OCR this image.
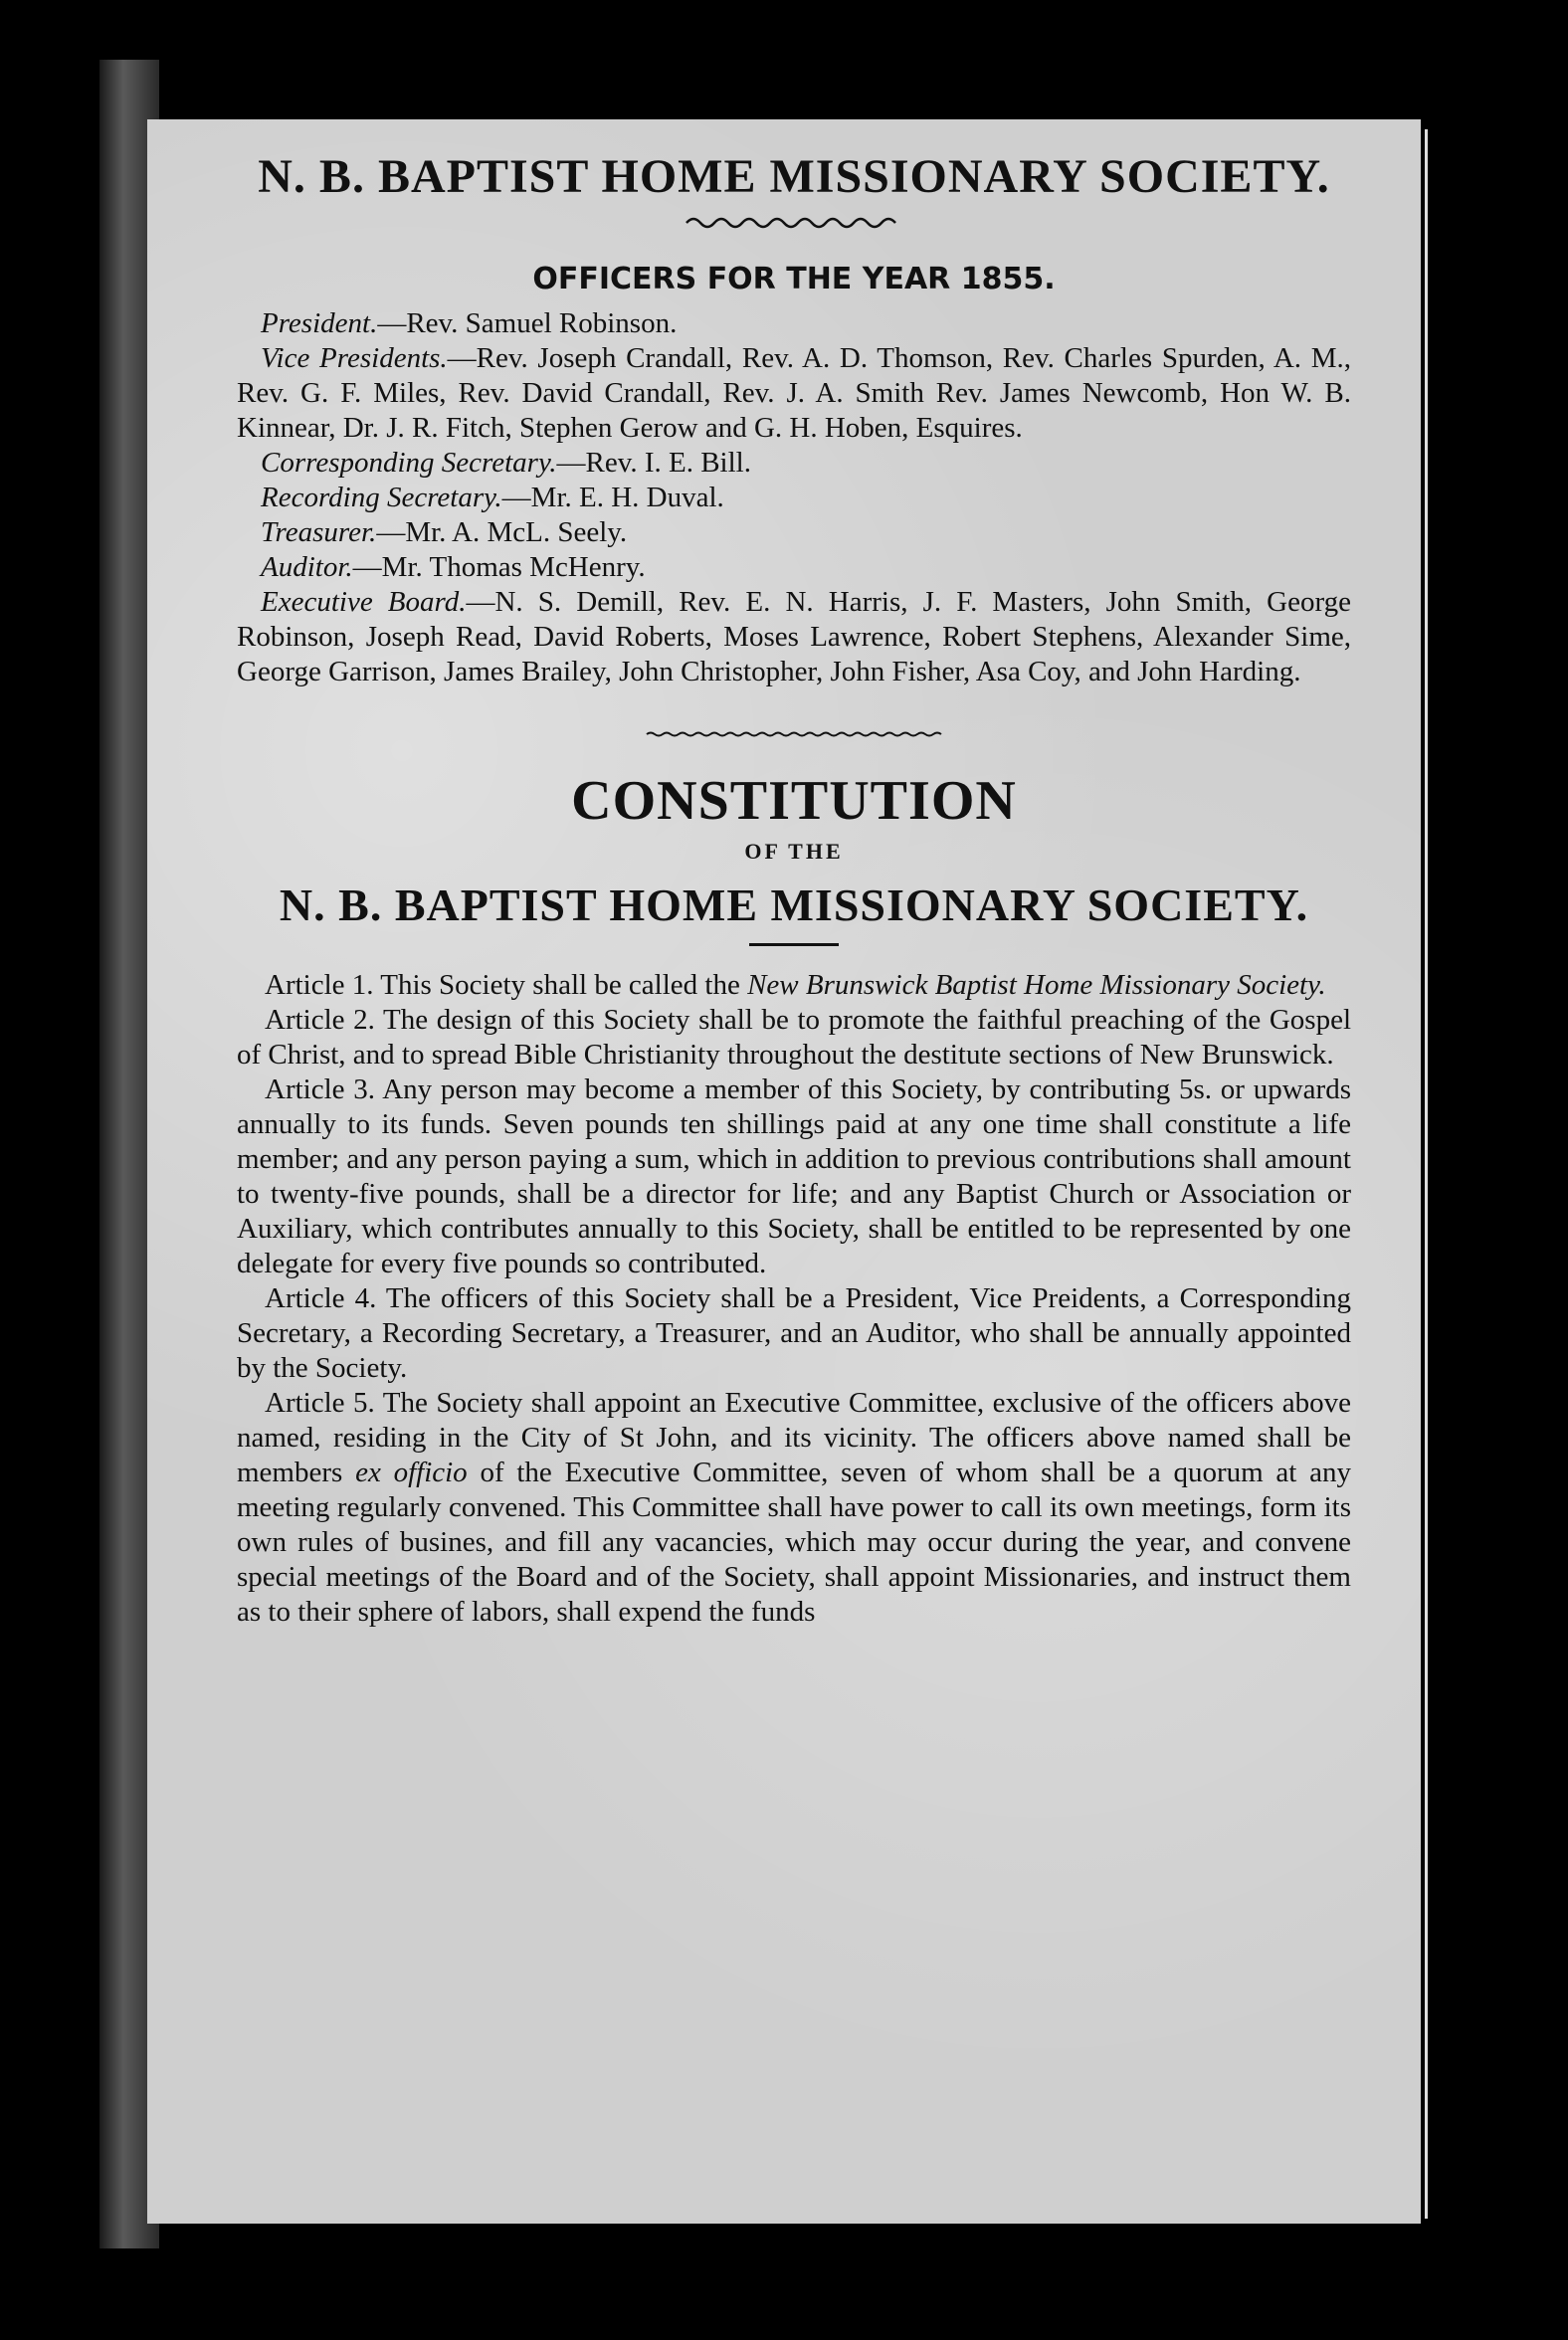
N. B. BAPTIST HOME MISSIONARY SOCIETY.
OFFICERS FOR THE YEAR 1855.

President.—Rev. Samuel Robinson.

Vice Presidents.—Rev. Joseph Crandall, Rev. A. D. Thomson, Rev. Charles Spurden, A. M., Rev. G. F. Miles, Rev. David Crandall, Rev. J. A. Smith Rev. James Newcomb, Hon W. B. Kinnear, Dr. J. R. Fitch, Stephen Gerow and G. H. Hoben, Esquires.

Corresponding Secretary.—Rev. I. E. Bill.

Recording Secretary.—Mr. E. H. Duval.

Treasurer.—Mr. A. McL. Seely.

Auditor.—Mr. Thomas McHenry.

Executive Board.—N. S. Demill, Rev. E. N. Harris, J. F. Masters, John Smith, George Robinson, Joseph Read, David Roberts, Moses Lawrence, Robert Stephens, Alexander Sime, George Garrison, James Brailey, John Christopher, John Fisher, Asa Coy, and John Harding.

CONSTITUTION
OF THE
N. B. BAPTIST HOME MISSIONARY SOCIETY.

Article 1. This Society shall be called the New Brunswick Baptist Home Missionary Society.

Article 2. The design of this Society shall be to promote the faithful preaching of the Gospel of Christ, and to spread Bible Christianity throughout the destitute sections of New Brunswick.

Article 3. Any person may become a member of this Society, by contributing 5s. or upwards annually to its funds. Seven pounds ten shillings paid at any one time shall constitute a life member; and any person paying a sum, which in addition to previous contributions shall amount to twenty-five pounds, shall be a director for life; and any Baptist Church or Association or Auxiliary, which contributes annually to this Society, shall be entitled to be represented by one delegate for every five pounds so contributed.

Article 4. The officers of this Society shall be a President, Vice Preidents, a Corresponding Secretary, a Recording Secretary, a Treasurer, and an Auditor, who shall be annually appointed by the Society.

Article 5. The Society shall appoint an Executive Committee, exclusive of the officers above named, residing in the City of St John, and its vicinity. The officers above named shall be members ex officio of the Executive Committee, seven of whom shall be a quorum at any meeting regularly convened. This Committee shall have power to call its own meetings, form its own rules of busines, and fill any vacancies, which may occur during the year, and convene special meetings of the Board and of the Society, shall appoint Missionaries, and instruct them as to their sphere of labors, shall expend the funds
